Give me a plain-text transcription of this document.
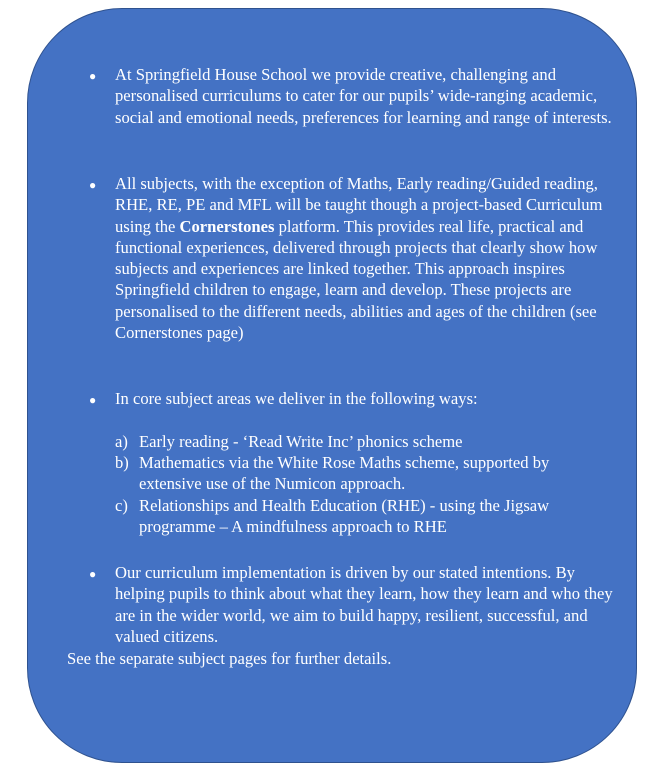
● At Springfield House School we provide creative, challenging and personalised curriculums to cater for our pupils’ wide-ranging academic, social and emotional needs, preferences for learning and range of interests.

● All subjects, with the exception of Maths, Early reading/Guided reading, RHE, RE, PE and MFL will be taught though a project-based Curriculum using the Cornerstones platform. This provides real life, practical and functional experiences, delivered through projects that clearly show how subjects and experiences are linked together. This approach inspires Springfield children to engage, learn and develop. These projects are personalised to the different needs, abilities and ages of the children (see Cornerstones page)

● In core subject areas we deliver in the following ways:

a) Early reading - ‘Read Write Inc’ phonics scheme

b) Mathematics via the White Rose Maths scheme, supported by extensive use of the Numicon approach.

c) Relationships and Health Education (RHE) - using the Jigsaw programme – A mindfulness approach to RHE

● Our curriculum implementation is driven by our stated intentions. By helping pupils to think about what they learn, how they learn and who they are in the wider world, we aim to build happy, resilient, successful, and valued citizens.

See the separate subject pages for further details.
